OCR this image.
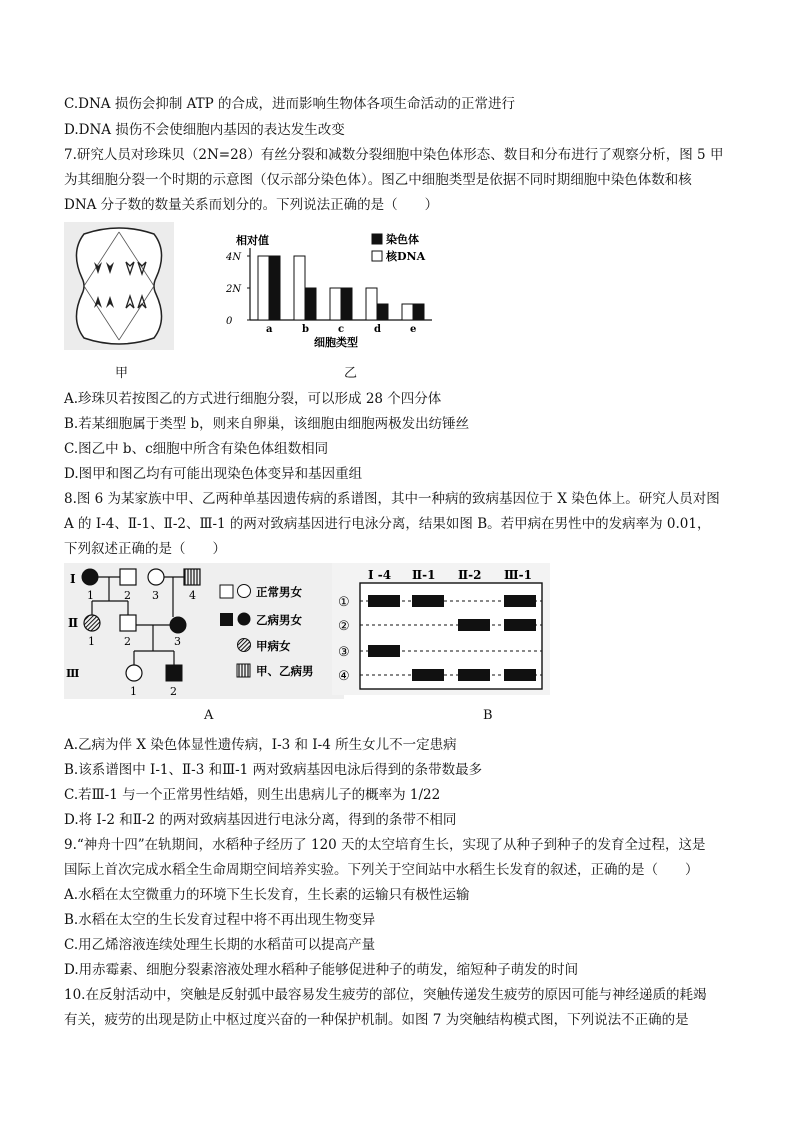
C.DNA 损伤会抑制 ATP 的合成，进而影响生物体各项生命活动的正常进行
D.DNA 损伤不会使细胞内基因的表达发生改变
7.研究人员对珍珠贝（2N=28）有丝分裂和减数分裂细胞中染色体形态、数目和分布进行了观察分析，图 5 甲
为其细胞分裂一个时期的示意图（仅示部分染色体）。图乙中细胞类型是依据不同时期细胞中染色体数和核
DNA 分子数的数量关系而划分的。下列说法正确的是（　　）
相对值
细胞类型
a	b	c	d	e
染色体
核DNA
4N
2N
0
甲	乙
A.珍珠贝若按图乙的方式进行细胞分裂，可以形成 28 个四分体
B.若某细胞属于类型 b，则来自卵巢，该细胞由细胞两极发出纺锤丝
C.图乙中 b、c细胞中所含有染色体组数相同
D.图甲和图乙均有可能出现染色体变异和基因重组
8.图 6 为某家族中甲、乙两种单基因遗传病的系谱图，其中一种病的致病基因位于 X 染色体上。研究人员对图
A 的 I-4、Ⅱ-1、Ⅱ-2、Ⅲ-1 的两对致病基因进行电泳分离，结果如图 B。若甲病在男性中的发病率为 0.01，
下列叙述正确的是（　　）
I
Ⅱ
Ⅲ
1	2 3	4
1	2	3
1	2
正常男女
乙病男女
甲病女
甲、乙病男
I -4 Ⅱ-1 Ⅱ-2 Ⅲ-1
①
②
③
④
A	B
A.乙病为伴 X 染色体显性遗传病，I-3 和 I-4 所生女儿不一定患病
B.该系谱图中 I-1、Ⅱ-3 和Ⅲ-1 两对致病基因电泳后得到的条带数最多
C.若Ⅲ-1 与一个正常男性结婚，则生出患病儿子的概率为 1/22
D.将 I-2 和Ⅱ-2 的两对致病基因进行电泳分离，得到的条带不相同
9.“神舟十四”在轨期间，水稻种子经历了 120 天的太空培育生长，实现了从种子到种子的发育全过程，这是
国际上首次完成水稻全生命周期空间培养实验。下列关于空间站中水稻生长发育的叙述，正确的是（　　）
A.水稻在太空微重力的环境下生长发育，生长素的运输只有极性运输
B.水稻在太空的生长发育过程中将不再出现生物变异
C.用乙烯溶液连续处理生长期的水稻苗可以提高产量
D.用赤霉素、细胞分裂素溶液处理水稻种子能够促进种子的萌发，缩短种子萌发的时间
10.在反射活动中，突触是反射弧中最容易发生疲劳的部位，突触传递发生疲劳的原因可能与神经递质的耗竭
有关，疲劳的出现是防止中枢过度兴奋的一种保护机制。如图 7 为突触结构模式图，下列说法不正确的是
